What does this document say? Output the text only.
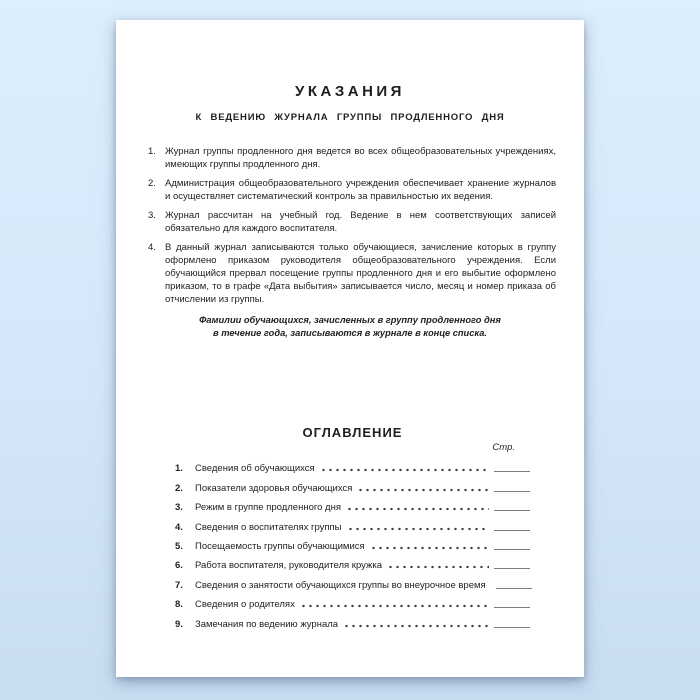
УКАЗАНИЯ
К ВЕДЕНИЮ ЖУРНАЛА ГРУППЫ ПРОДЛЕННОГО ДНЯ
1. Журнал группы продленного дня ведется во всех общеобразовательных учреждениях, имеющих группы продленного дня.
2. Администрация общеобразовательного учреждения обеспечивает хранение журналов и осуществляет систематический контроль за правильностью их ведения.
3. Журнал рассчитан на учебный год. Ведение в нем соответствующих записей обязательно для каждого воспитателя.
4. В данный журнал записываются только обучающиеся, зачисление которых в группу оформлено приказом руководителя общеобразовательного учреждения. Если обучающийся прервал посещение группы продленного дня и его выбытие оформлено приказом, то в графе «Дата выбытия» записывается число, месяц и номер приказа об отчислении из группы.
Фамилии обучающихся, зачисленных в группу продленного дня
в течение года, записываются в журнале в конце списка.
ОГЛАВЛЕНИЕ
Стр.
1.	Сведения об обучающихся
2.	Показатели здоровья обучающихся
3.	Режим в группе продленного дня
4.	Сведения о воспитателях группы
5.	Посещаемость группы обучающимися
6.	Работа воспитателя, руководителя кружка
7.	Сведения о занятости обучающихся группы во внеурочное время
8.	Сведения о родителях
9.	Замечания по ведению журнала
